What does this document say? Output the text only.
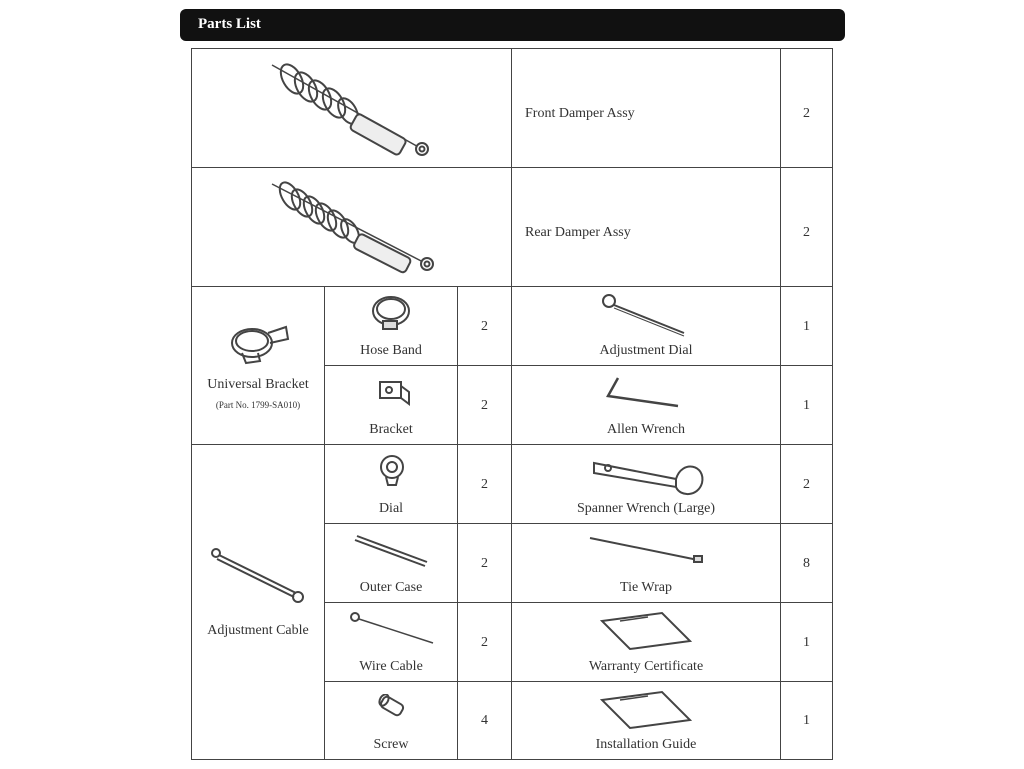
Parts List
Front Damper Assy	2
Rear Damper Assy	2
Universal Bracket
(Part No. 1799-SA010)
Hose Band
2
Bracket
2
Adjustment Dial
1
Allen Wrench
1
Adjustment Cable
Dial
2
Outer Case
2
Wire Cable
2
Screw
4
Spanner Wrench (Large)
2
Tie Wrap
8
Warranty Certificate
1
Installation Guide
1
